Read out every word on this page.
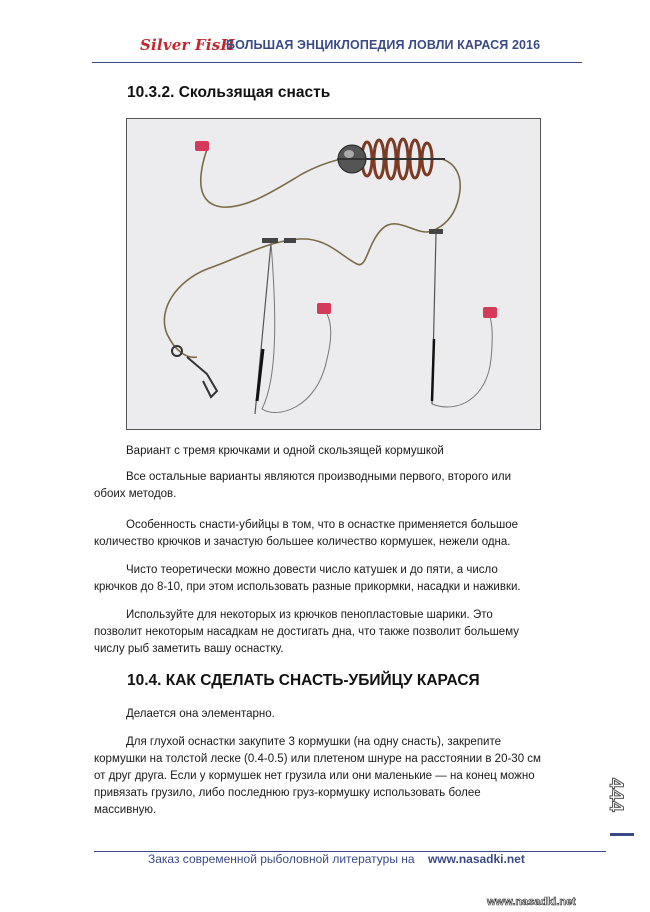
Silver FisH
БОЛЬШАЯ ЭНЦИКЛОПЕДИЯ ЛОВЛИ КАРАСЯ 2016
10.3.2. Скользящая снасть
Вариант с тремя крючками и одной скользящей кормушкой
Все остальные варианты являются производными первого, второго или
обоих методов.
Особенность снасти-убийцы в том, что в оснастке применяется большое
количество крючков и зачастую большее количество кормушек, нежели одна.
Чисто теоретически можно довести число катушек и до пяти, а число
крючков до 8-10, при этом использовать разные прикормки, насадки и наживки.
Используйте для некоторых из крючков пенопластовые шарики. Это
позволит некоторым насадкам не достигать дна, что также позволит большему
числу рыб заметить вашу оснастку.
10.4. КАК СДЕЛАТЬ СНАСТЬ-УБИЙЦУ КАРАСЯ
Делается она элементарно.
Для глухой оснастки закупите 3 кормушки (на одну снасть), закрепите
кормушки на толстой леске (0.4-0.5) или плетеном шнуре на расстоянии в 20-30 см
от друг друга. Если у кормушек нет грузила или они маленькие — на конец можно
привязать грузило, либо последнюю груз-кормушку использовать более
массивную.	444
Заказ современной рыболовной литературы на www.nasadki.net
www.nasadki.net
